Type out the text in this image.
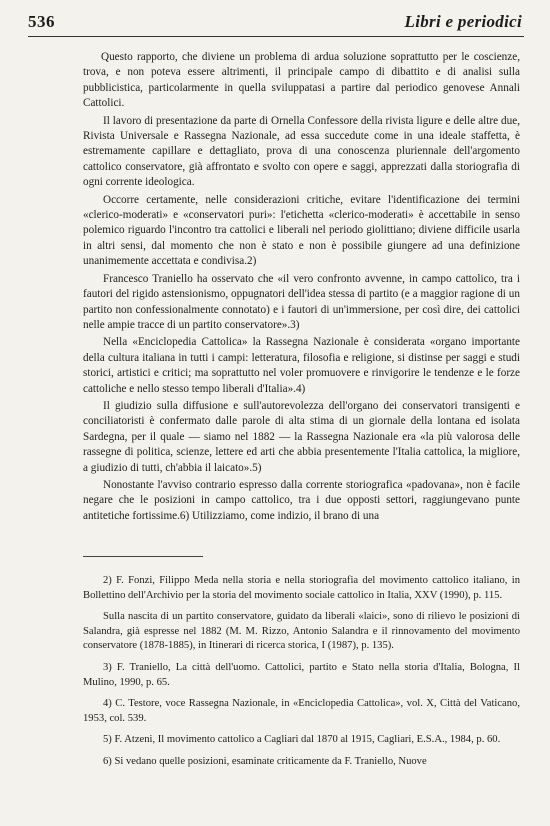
536	Libri e periodici

Questo rapporto, che diviene un problema di ardua soluzione soprattutto per le coscienze, trova, e non poteva essere altrimenti, il principale campo di dibattito e di analisi sulla pubblicistica, particolarmente in quella sviluppatasi a partire dal periodico genovese Annali Cattolici.

Il lavoro di presentazione da parte di Ornella Confessore della rivista ligure e delle altre due, Rivista Universale e Rassegna Nazionale, ad essa succedute come in una ideale staffetta, è estremamente capillare e dettagliato, prova di una conoscenza pluriennale dell'argomento cattolico conservatore, già affrontato e svolto con opere e saggi, apprezzati dalla storiografia di ogni corrente ideologica.

Occorre certamente, nelle considerazioni critiche, evitare l'identificazione dei termini «clerico-moderati» e «conservatori puri»: l'etichetta «clerico-moderati» è accettabile in senso polemico riguardo l'incontro tra cattolici e liberali nel periodo giolittiano; diviene difficile usarla in altri sensi, dal momento che non è stato e non è possibile giungere ad una definizione unanimemente accettata e condivisa.2)

Francesco Traniello ha osservato che «il vero confronto avvenne, in campo cattolico, tra i fautori del rigido astensionismo, oppugnatori dell'idea stessa di partito (e a maggior ragione di un partito non confessionalmente connotato) e i fautori di un'immersione, per così dire, dei cattolici nelle ampie tracce di un partito conservatore».3)

Nella «Enciclopedia Cattolica» la Rassegna Nazionale è considerata «organo importante della cultura italiana in tutti i campi: letteratura, filosofia e religione, si distinse per saggi e studi storici, artistici e critici; ma soprattutto nel voler promuovere e rinvigorire le tendenze e le forze cattoliche e nello stesso tempo liberali d'Italia».4)

Il giudizio sulla diffusione e sull'autorevolezza dell'organo dei conservatori transigenti e conciliatoristi è confermato dalle parole di alta stima di un giornale della lontana ed isolata Sardegna, per il quale — siamo nel 1882 — la Rassegna Nazionale era «la più valorosa delle rassegne di politica, scienze, lettere ed arti che abbia presentemente l'Italia cattolica, la migliore, a giudizio di tutti, ch'abbia il laicato».5)

Nonostante l'avviso contrario espresso dalla corrente storiografica «padovana», non è facile negare che le posizioni in campo cattolico, tra i due opposti settori, raggiungevano punte antitetiche fortissime.6) Utilizziamo, come indizio, il brano di una

2) F. Fonzi, Filippo Meda nella storia e nella storiografia del movimento cattolico italiano, in Bollettino dell'Archivio per la storia del movimento sociale cattolico in Italia, XXV (1990), p. 115.

Sulla nascita di un partito conservatore, guidato da liberali «laici», sono di rilievo le posizioni di Salandra, già espresse nel 1882 (M. M. Rizzo, Antonio Salandra e il rinnovamento del movimento conservatore (1878-1885), in Itinerari di ricerca storica, I (1987), p. 135).

3) F. Traniello, La città dell'uomo. Cattolici, partito e Stato nella storia d'Italia, Bologna, Il Mulino, 1990, p. 65.

4) C. Testore, voce Rassegna Nazionale, in «Enciclopedia Cattolica», vol. X, Città del Vaticano, 1953, col. 539.

5) F. Atzeni, Il movimento cattolico a Cagliari dal 1870 al 1915, Cagliari, E.S.A., 1984, p. 60.

6) Si vedano quelle posizioni, esaminate criticamente da F. Traniello, Nuove
